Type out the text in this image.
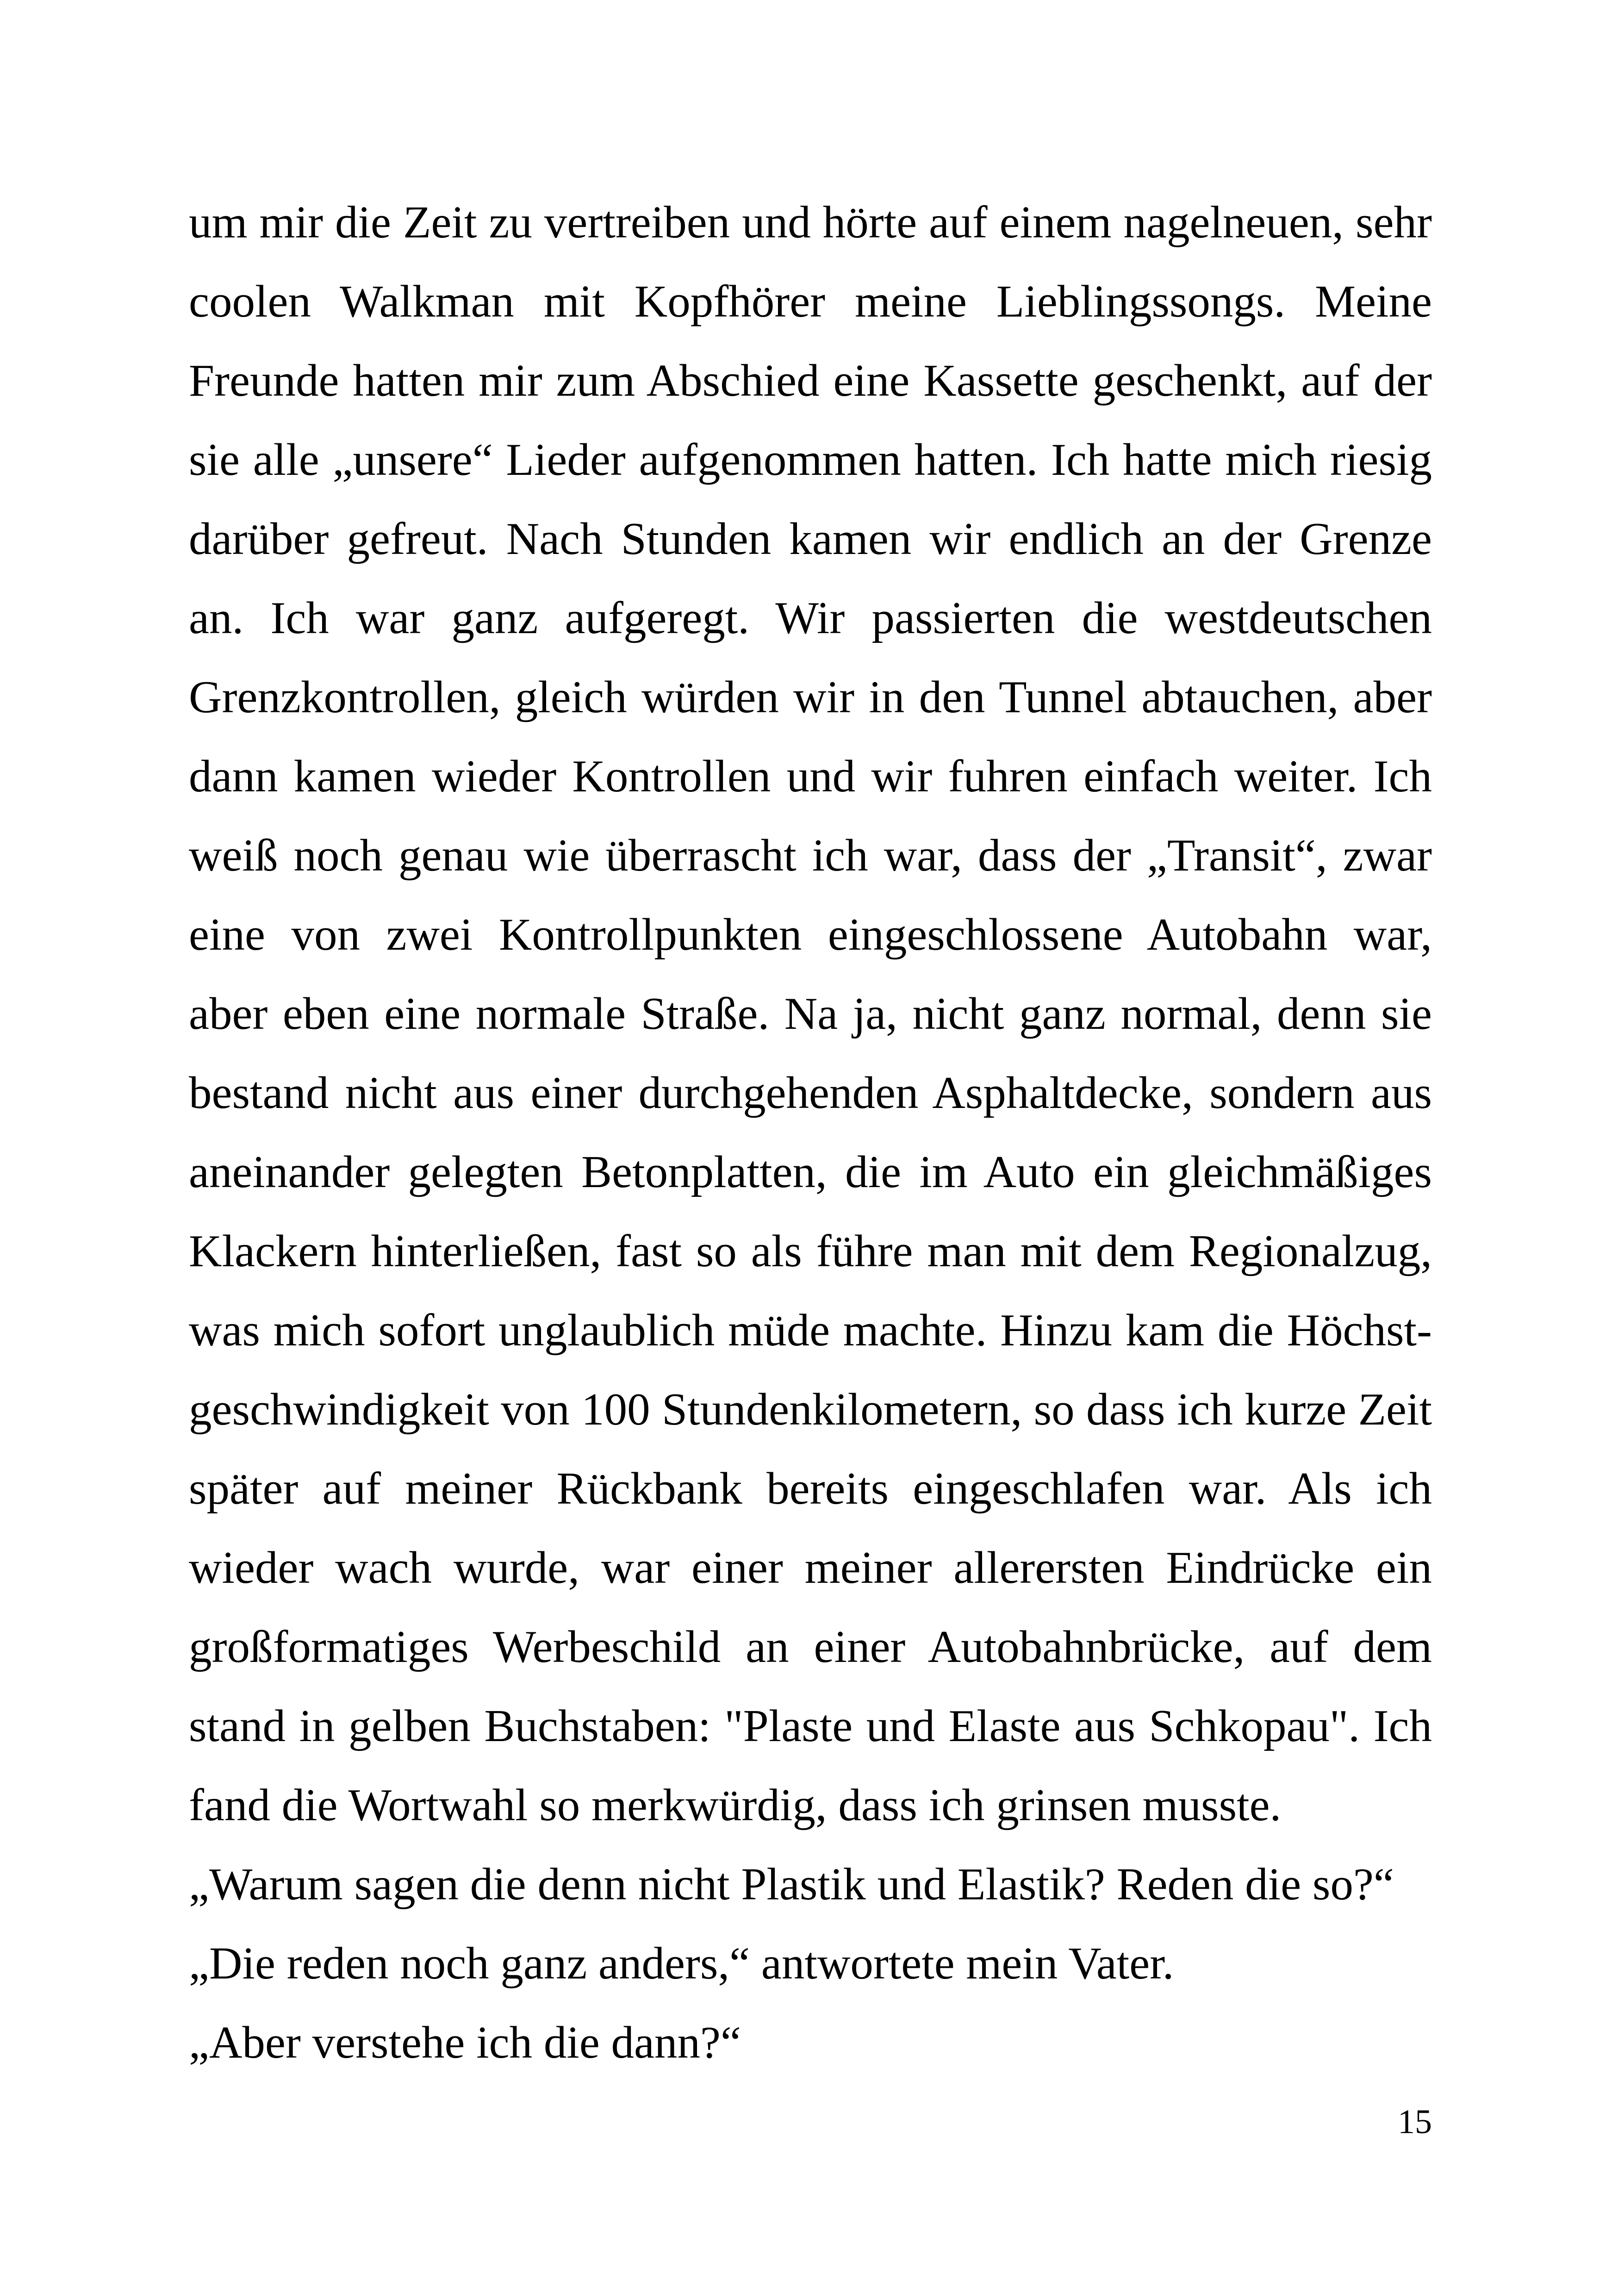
um mir die Zeit zu vertreiben und hörte auf einem nagelneuen, sehr
coolen Walkman mit Kopfhörer meine Lieblingssongs. Meine
Freunde hatten mir zum Abschied eine Kassette geschenkt, auf der
sie alle „unsere“ Lieder aufgenommen hatten. Ich hatte mich riesig
darüber gefreut. Nach Stunden kamen wir endlich an der Grenze
an. Ich war ganz aufgeregt. Wir passierten die westdeutschen
Grenzkontrollen, gleich würden wir in den Tunnel abtauchen, aber
dann kamen wieder Kontrollen und wir fuhren einfach weiter. Ich
weiß noch genau wie überrascht ich war, dass der „Transit“, zwar
eine von zwei Kontrollpunkten eingeschlossene Autobahn war,
aber eben eine normale Straße. Na ja, nicht ganz normal, denn sie
bestand nicht aus einer durchgehenden Asphaltdecke, sondern aus
aneinander gelegten Betonplatten, die im Auto ein gleichmäßiges
Klackern hinterließen, fast so als führe man mit dem Regionalzug,
was mich sofort unglaublich müde machte. Hinzu kam die Höchst-
geschwindigkeit von 100 Stundenkilometern, so dass ich kurze Zeit
später auf meiner Rückbank bereits eingeschlafen war. Als ich
wieder wach wurde, war einer meiner allerersten Eindrücke ein
großformatiges Werbeschild an einer Autobahnbrücke, auf dem
stand in gelben Buchstaben: "Plaste und Elaste aus Schkopau". Ich
fand die Wortwahl so merkwürdig, dass ich grinsen musste.
„Warum sagen die denn nicht Plastik und Elastik? Reden die so?“
„Die reden noch ganz anders,“ antwortete mein Vater.
„Aber verstehe ich die dann?“
15
